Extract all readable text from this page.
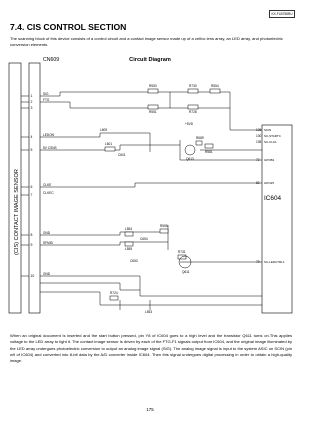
KX-FLB758RU
7.4. CIS CONTROL SECTION
The scanning block of this device consists of a control circuit and a contact image sensor made up of a celfoc lens array, an LED array, and photoelectric conversion elements.
Circuit Diagram
CN609
(CIS) CONTACT IMAGE SENSOR	IC604
1	SIG
2	FTG
3
4	LEDON
5	5V CSNS
6	CLKE
7	CLKEC
8	GND
9	SFMID
10	GND
126 SCIN
130 SC-STARTC
135 SC-CLK1
72 GPOB1
82 GPO25
79 SC-LEDCTRL1
R553	R730
R551
R554
R728
+5VD
R689
R581
Q613
L609
L601
C601
R555
L554
L555
C654
R731
Q611
R724
C653
L553
When an original document is inserted and the start button pressed, pin Y8 of IC604 goes to a high level and the transistor Q611 turns on.This applies voltage to the LED array to light it. The contact image sensor is driven by each of the FTG-F1 signals output from IC604, and the original image illuminated by the LED array undergoes photoelectric conversion to output an analog image signal (SIG). The analog image signal is input to the system ASIC on SCIN (pin w9 of IC604) and converted into 8-bit data by the A/D converter inside IC604. Then this signal undergoes digital processing in order to obtain a high-quality image.
175
